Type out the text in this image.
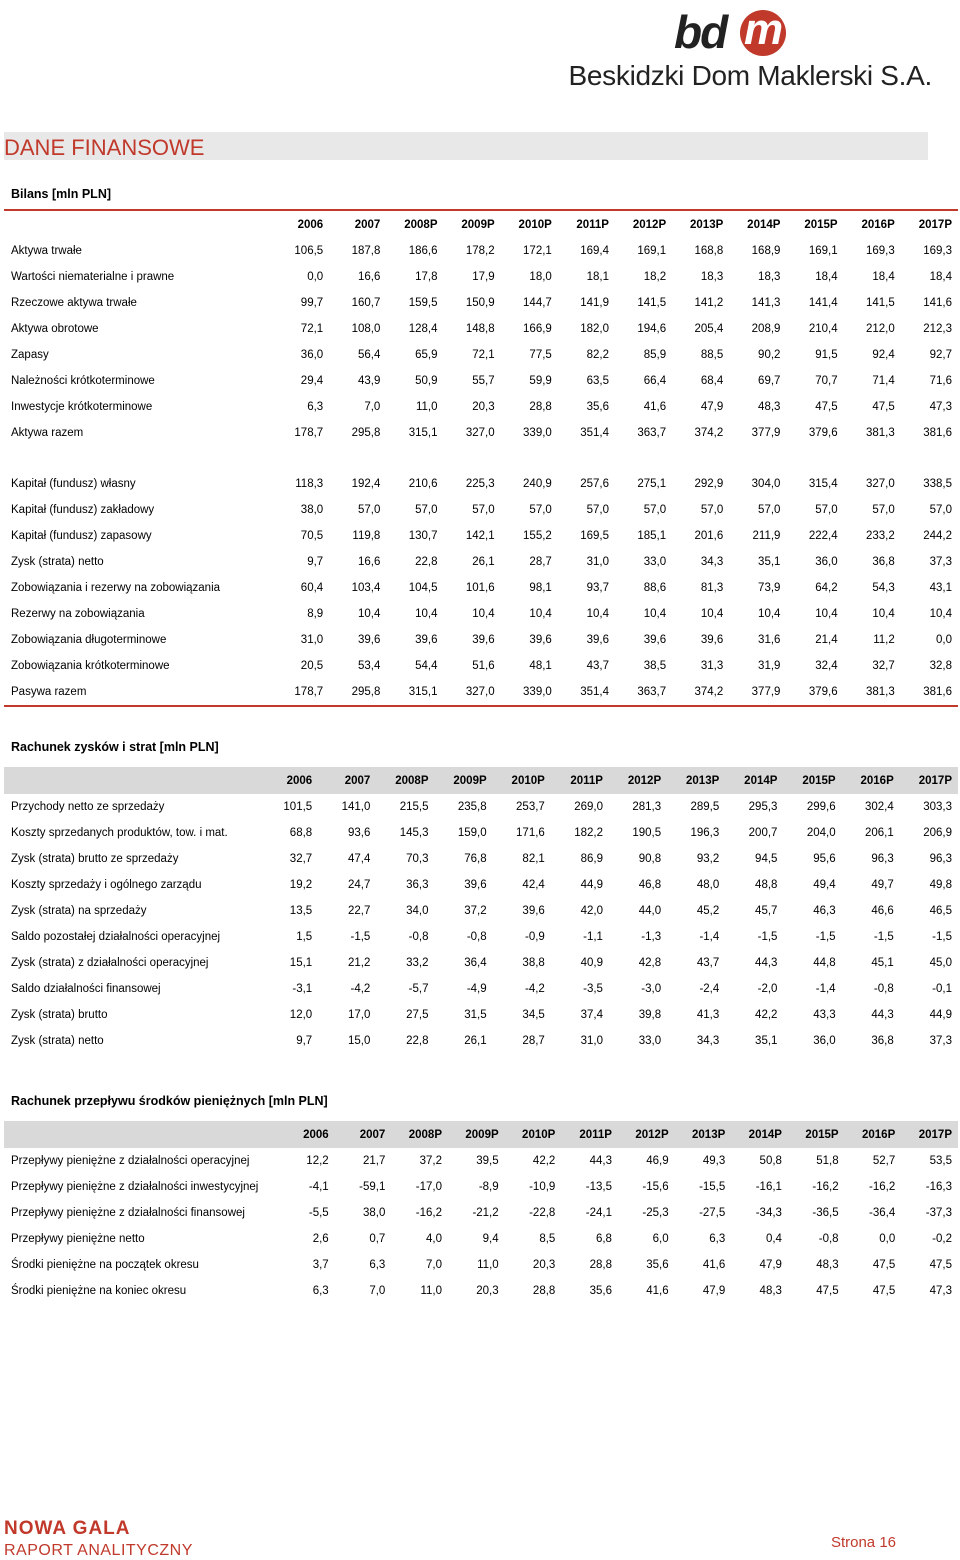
bd m
Beskidzki Dom Maklerski S.A.
DANE FINANSOWE
Bilans [mln PLN]
	2006	2007	2008P	2009P	2010P	2011P	2012P	2013P	2014P	2015P	2016P	2017P
Aktywa trwałe	106,5	187,8	186,6	178,2	172,1	169,4	169,1	168,8	168,9	169,1	169,3	169,3
Wartości niematerialne i prawne	0,0	16,6	17,8	17,9	18,0	18,1	18,2	18,3	18,3	18,4	18,4	18,4
Rzeczowe aktywa trwałe	99,7	160,7	159,5	150,9	144,7	141,9	141,5	141,2	141,3	141,4	141,5	141,6
Aktywa obrotowe	72,1	108,0	128,4	148,8	166,9	182,0	194,6	205,4	208,9	210,4	212,0	212,3
Zapasy	36,0	56,4	65,9	72,1	77,5	82,2	85,9	88,5	90,2	91,5	92,4	92,7
Należności krótkoterminowe	29,4	43,9	50,9	55,7	59,9	63,5	66,4	68,4	69,7	70,7	71,4	71,6
Inwestycje krótkoterminowe	6,3	7,0	11,0	20,3	28,8	35,6	41,6	47,9	48,3	47,5	47,5	47,3
Aktywa razem	178,7	295,8	315,1	327,0	339,0	351,4	363,7	374,2	377,9	379,6	381,3	381,6

Kapitał (fundusz) własny	118,3	192,4	210,6	225,3	240,9	257,6	275,1	292,9	304,0	315,4	327,0	338,5
Kapitał (fundusz) zakładowy	38,0	57,0	57,0	57,0	57,0	57,0	57,0	57,0	57,0	57,0	57,0	57,0
Kapitał (fundusz) zapasowy	70,5	119,8	130,7	142,1	155,2	169,5	185,1	201,6	211,9	222,4	233,2	244,2
Zysk (strata) netto	9,7	16,6	22,8	26,1	28,7	31,0	33,0	34,3	35,1	36,0	36,8	37,3
Zobowiązania i rezerwy na zobowiązania	60,4	103,4	104,5	101,6	98,1	93,7	88,6	81,3	73,9	64,2	54,3	43,1
Rezerwy na zobowiązania	8,9	10,4	10,4	10,4	10,4	10,4	10,4	10,4	10,4	10,4	10,4	10,4
Zobowiązania długoterminowe	31,0	39,6	39,6	39,6	39,6	39,6	39,6	39,6	31,6	21,4	11,2	0,0
Zobowiązania krótkoterminowe	20,5	53,4	54,4	51,6	48,1	43,7	38,5	31,3	31,9	32,4	32,7	32,8
Pasywa razem	178,7	295,8	315,1	327,0	339,0	351,4	363,7	374,2	377,9	379,6	381,3	381,6
Rachunek zysków i strat [mln PLN]
	2006	2007	2008P	2009P	2010P	2011P	2012P	2013P	2014P	2015P	2016P	2017P
Przychody netto ze sprzedaży	101,5	141,0	215,5	235,8	253,7	269,0	281,3	289,5	295,3	299,6	302,4	303,3
Koszty sprzedanych produktów, tow. i mat.	68,8	93,6	145,3	159,0	171,6	182,2	190,5	196,3	200,7	204,0	206,1	206,9
Zysk (strata) brutto ze sprzedaży	32,7	47,4	70,3	76,8	82,1	86,9	90,8	93,2	94,5	95,6	96,3	96,3
Koszty sprzedaży i ogólnego zarządu	19,2	24,7	36,3	39,6	42,4	44,9	46,8	48,0	48,8	49,4	49,7	49,8
Zysk (strata) na sprzedaży	13,5	22,7	34,0	37,2	39,6	42,0	44,0	45,2	45,7	46,3	46,6	46,5
Saldo pozostałej działalności operacyjnej	1,5	-1,5	-0,8	-0,8	-0,9	-1,1	-1,3	-1,4	-1,5	-1,5	-1,5	-1,5
Zysk (strata) z działalności operacyjnej	15,1	21,2	33,2	36,4	38,8	40,9	42,8	43,7	44,3	44,8	45,1	45,0
Saldo działalności finansowej	-3,1	-4,2	-5,7	-4,9	-4,2	-3,5	-3,0	-2,4	-2,0	-1,4	-0,8	-0,1
Zysk (strata) brutto	12,0	17,0	27,5	31,5	34,5	37,4	39,8	41,3	42,2	43,3	44,3	44,9
Zysk (strata) netto	9,7	15,0	22,8	26,1	28,7	31,0	33,0	34,3	35,1	36,0	36,8	37,3
Rachunek przepływu środków pieniężnych [mln PLN]
	2006	2007	2008P	2009P	2010P	2011P	2012P	2013P	2014P	2015P	2016P	2017P
Przepływy pieniężne z działalności operacyjnej	12,2	21,7	37,2	39,5	42,2	44,3	46,9	49,3	50,8	51,8	52,7	53,5
Przepływy pieniężne z działalności inwestycyjnej	-4,1	-59,1	-17,0	-8,9	-10,9	-13,5	-15,6	-15,5	-16,1	-16,2	-16,2	-16,3
Przepływy pieniężne z działalności finansowej	-5,5	38,0	-16,2	-21,2	-22,8	-24,1	-25,3	-27,5	-34,3	-36,5	-36,4	-37,3
Przepływy pieniężne netto	2,6	0,7	4,0	9,4	8,5	6,8	6,0	6,3	0,4	-0,8	0,0	-0,2
Środki pieniężne na początek okresu	3,7	6,3	7,0	11,0	20,3	28,8	35,6	41,6	47,9	48,3	47,5	47,5
Środki pieniężne na koniec okresu	6,3	7,0	11,0	20,3	28,8	35,6	41,6	47,9	48,3	47,5	47,5	47,3
NOWA GALA
RAPORT ANALITYCZNY	Strona 16
